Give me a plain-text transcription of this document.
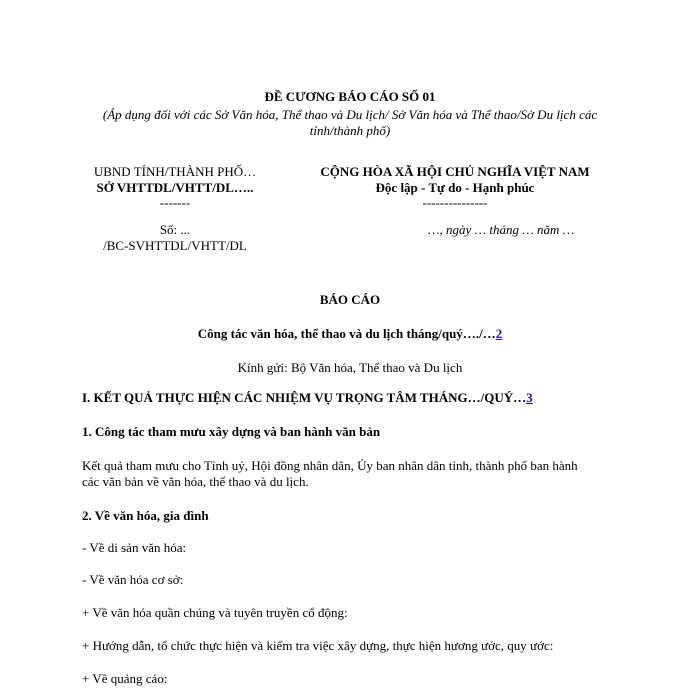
ĐỀ CƯƠNG BÁO CÁO SỐ 01
(Áp dụng đối với các Sở Văn hóa, Thể thao và Du lịch/ Sở Văn hóa và Thể thao/Sở Du lịch các
tỉnh/thành phố)
UBND TỈNH/THÀNH PHỐ…
SỞ VHTTDL/VHTT/DL…..
-------
Số: ...
/BC-SVHTTDL/VHTT/DL
CỘNG HÒA XÃ HỘI CHỦ NGHĨA VIỆT NAM
Độc lập - Tự do - Hạnh phúc
---------------
…, ngày … tháng … năm …
BÁO CÁO
Công tác văn hóa, thể thao và du lịch tháng/quý…./…2
Kính gửi: Bộ Văn hóa, Thể thao và Du lịch
I. KẾT QUẢ THỰC HIỆN CÁC NHIỆM VỤ TRỌNG TÂM THÁNG…/QUÝ…3
1. Công tác tham mưu xây dựng và ban hành văn bản
Kết quả tham mưu cho Tỉnh uỷ, Hội đồng nhân dân, Ủy ban nhân dân tỉnh, thành phố ban hành
các văn bản về văn hóa, thể thao và du lịch.
2. Về văn hóa, gia đình
- Về di sản văn hóa:
- Về văn hóa cơ sở:
+ Về văn hóa quần chúng và tuyên truyền cổ động:
+ Hướng dẫn, tổ chức thực hiện và kiểm tra việc xây dựng, thực hiện hương ước, quy ước:
+ Về quảng cáo:
